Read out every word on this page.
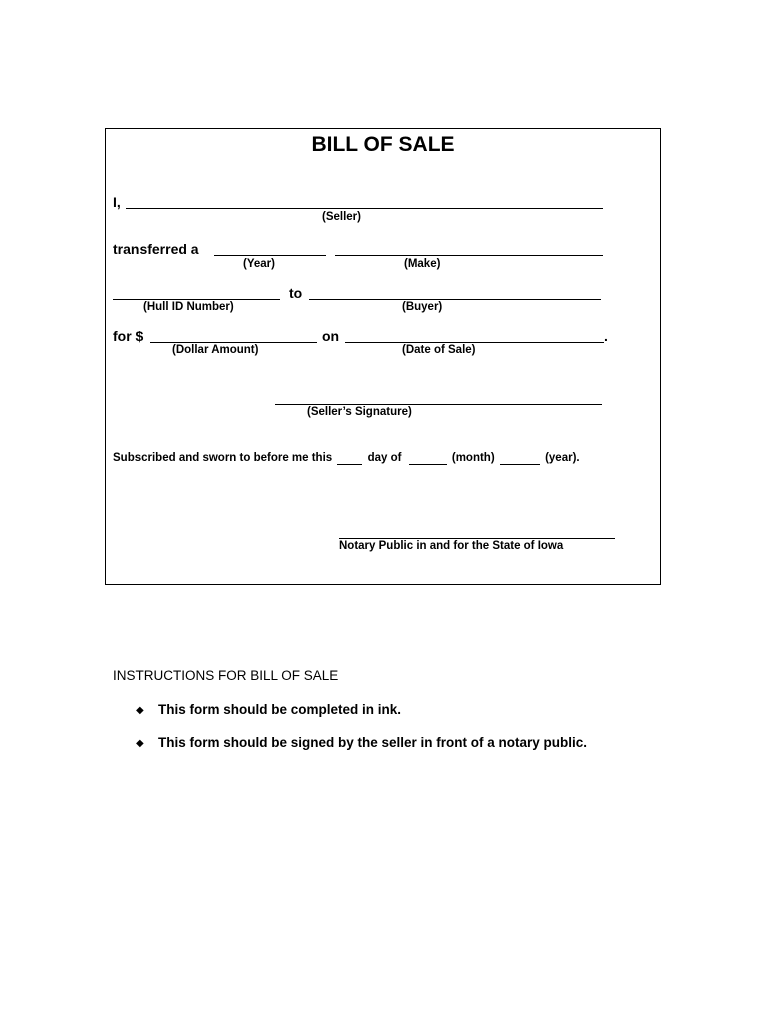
BILL OF SALE
I,
(Seller)
transferred a
(Year)	(Make)
to
(Hull ID Number)	(Buyer)
for $	on	.
(Dollar Amount)	(Date of Sale)
(Seller’s Signature)
Subscribed and sworn to before me this	day of	(month)	(year).
Notary Public in and for the State of Iowa
INSTRUCTIONS FOR BILL OF SALE
◆ This form should be completed in ink.
◆ This form should be signed by the seller in front of a notary public.
